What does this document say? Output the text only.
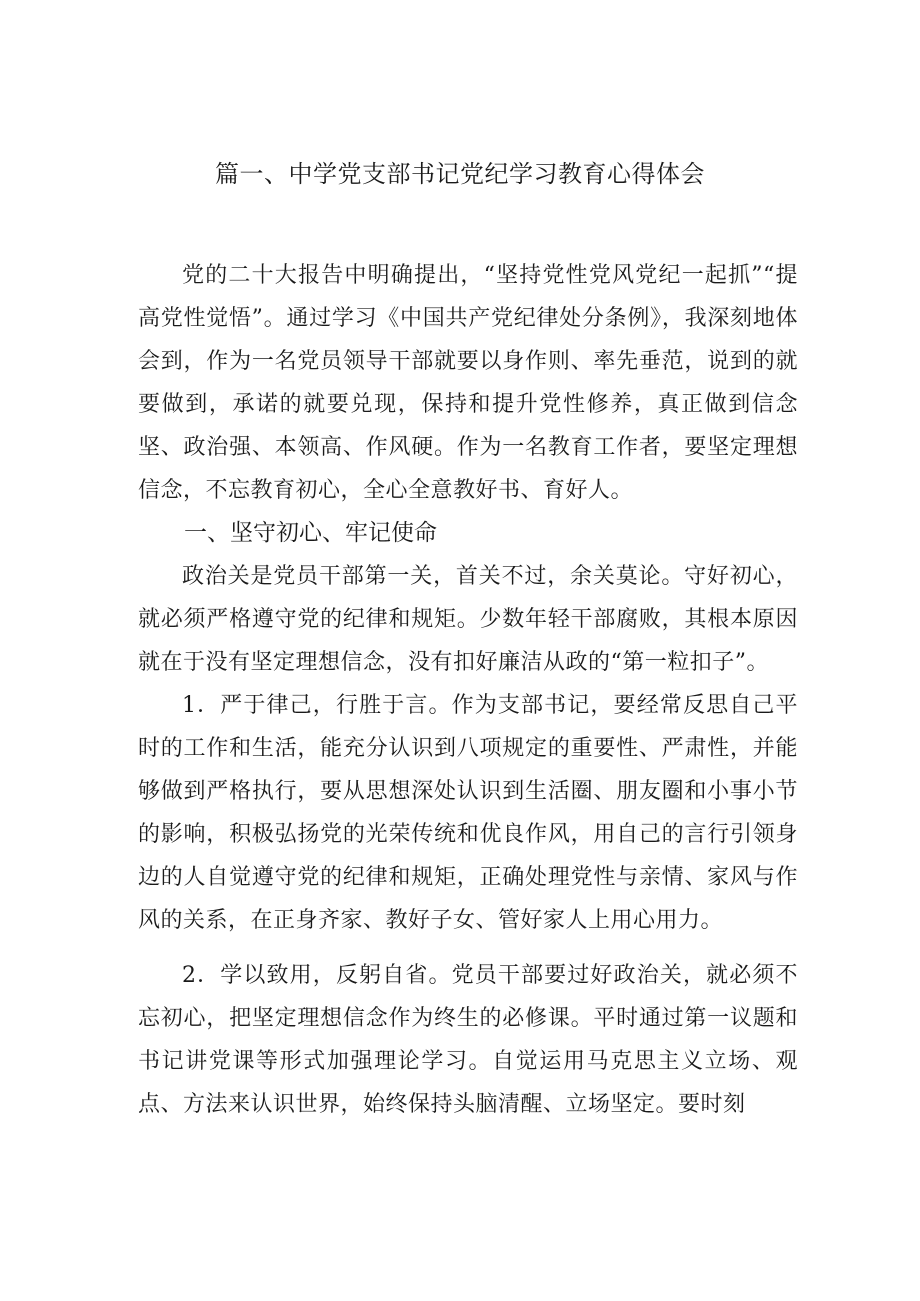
篇一、中学党支部书记党纪学习教育心得体会

党的二十大报告中明确提出，“坚持党性党风党纪一起抓”“提高党性觉悟”。通过学习《中国共产党纪律处分条例》，我深刻地体会到，作为一名党员领导干部就要以身作则、率先垂范，说到的就要做到，承诺的就要兑现，保持和提升党性修养，真正做到信念坚、政治强、本领高、作风硬。作为一名教育工作者，要坚定理想信念，不忘教育初心，全心全意教好书、育好人。

一、坚守初心、牢记使命

政治关是党员干部第一关，首关不过，余关莫论。守好初心，就必须严格遵守党的纪律和规矩。少数年轻干部腐败，其根本原因就在于没有坚定理想信念，没有扣好廉洁从政的“第一粒扣子”。

1．严于律己，行胜于言。作为支部书记，要经常反思自己平时的工作和生活，能充分认识到八项规定的重要性、严肃性，并能够做到严格执行，要从思想深处认识到生活圈、朋友圈和小事小节的影响，积极弘扬党的光荣传统和优良作风，用自己的言行引领身边的人自觉遵守党的纪律和规矩，正确处理党性与亲情、家风与作风的关系，在正身齐家、教好子女、管好家人上用心用力。

2．学以致用，反躬自省。党员干部要过好政治关，就必须不忘初心，把坚定理想信念作为终生的必修课。平时通过第一议题和书记讲党课等形式加强理论学习。自觉运用马克思主义立场、观点、方法来认识世界，始终保持头脑清醒、立场坚定。要时刻
